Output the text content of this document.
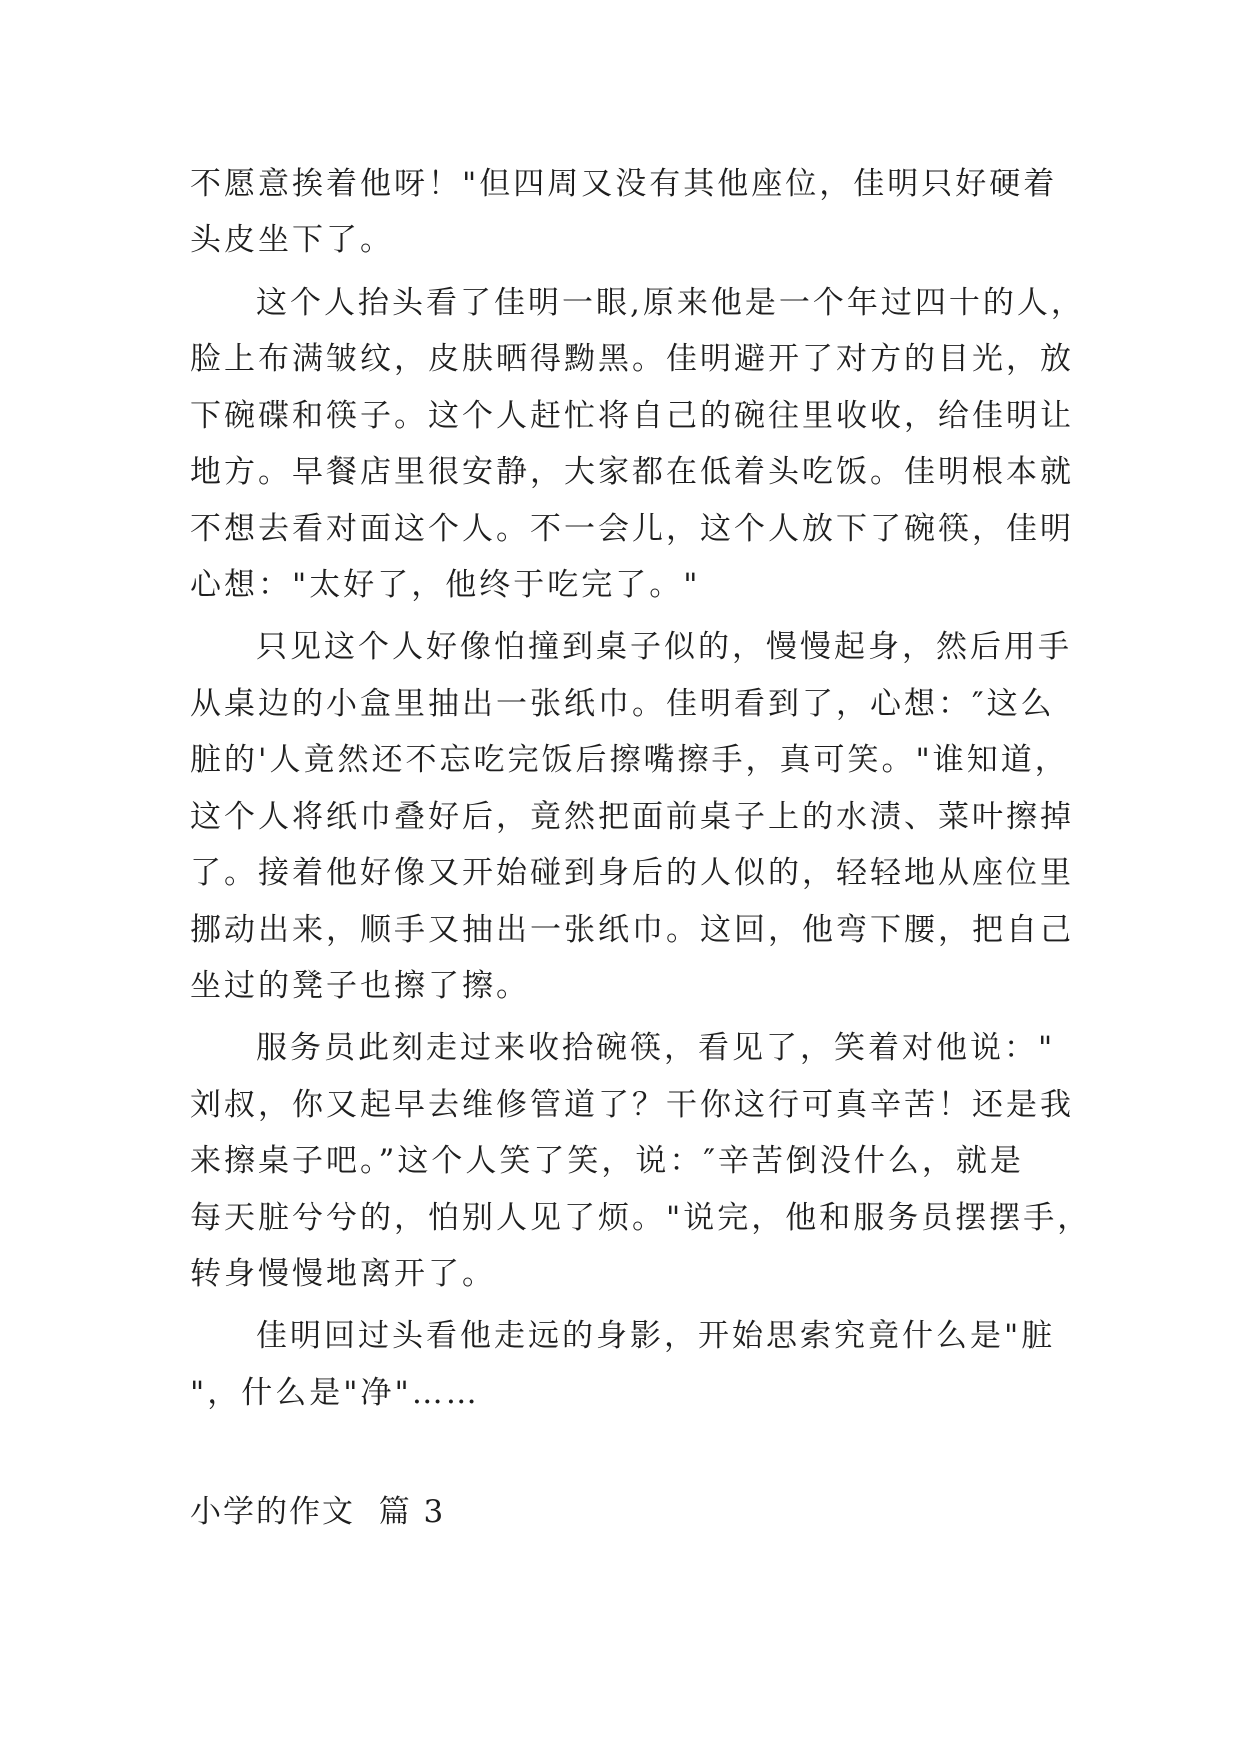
不愿意挨着他呀！"但四周又没有其他座位，佳明只好硬着
头皮坐下了。
这个人抬头看了佳明一眼,原来他是一个年过四十的人，
脸上布满皱纹，皮肤晒得黝黑。佳明避开了对方的目光，放
下碗碟和筷子。这个人赶忙将自己的碗往里收收，给佳明让
地方。早餐店里很安静，大家都在低着头吃饭。佳明根本就
不想去看对面这个人。不一会儿，这个人放下了碗筷，佳明
心想："太好了，他终于吃完了。"
只见这个人好像怕撞到桌子似的，慢慢起身，然后用手
从桌边的小盒里抽出一张纸巾。佳明看到了，心想：″这么
脏的'人竟然还不忘吃完饭后擦嘴擦手，真可笑。"谁知道，
这个人将纸巾叠好后，竟然把面前桌子上的水渍、菜叶擦掉
了。接着他好像又开始碰到身后的人似的，轻轻地从座位里
挪动出来，顺手又抽出一张纸巾。这回，他弯下腰，把自己
坐过的凳子也擦了擦。
服务员此刻走过来收拾碗筷，看见了，笑着对他说："
刘叔，你又起早去维修管道了？干你这行可真辛苦！还是我
来擦桌子吧。”这个人笑了笑，说：″辛苦倒没什么，就是
每天脏兮兮的，怕别人见了烦。"说完，他和服务员摆摆手，
转身慢慢地离开了。
佳明回过头看他走远的身影，开始思索究竟什么是"脏
"，什么是"净"……
小学的作文  篇 3
